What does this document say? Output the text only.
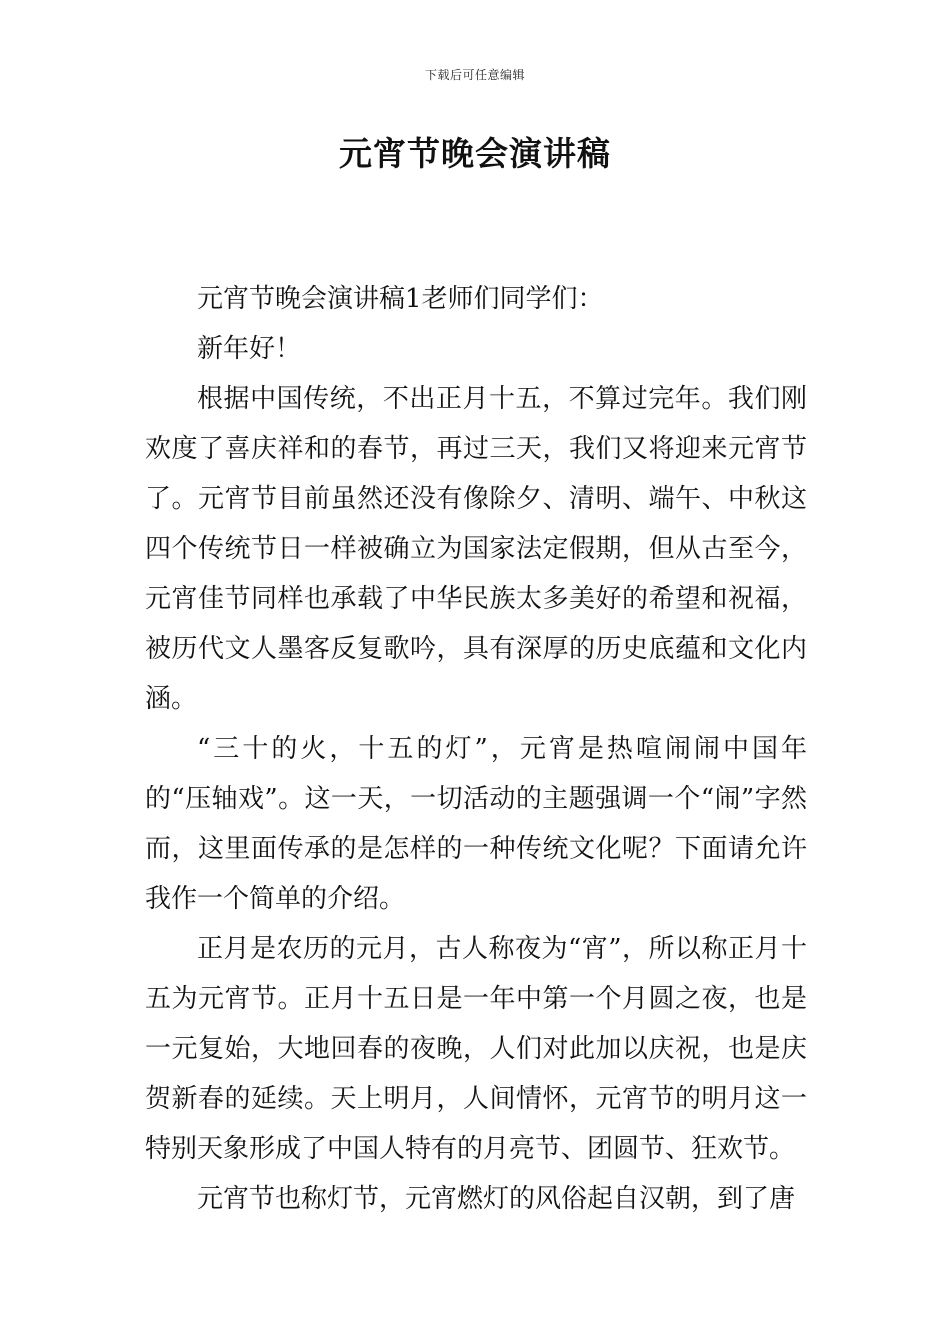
下载后可任意编辑
元宵节晚会演讲稿

元宵节晚会演讲稿1老师们同学们：

新年好！

根据中国传统，不出正月十五，不算过完年。我们刚欢度了喜庆祥和的春节，再过三天，我们又将迎来元宵节了。元宵节目前虽然还没有像除夕、清明、端午、中秋这四个传统节日一样被确立为国家法定假期，但从古至今，元宵佳节同样也承载了中华民族太多美好的希望和祝福，被历代文人墨客反复歌吟，具有深厚的历史底蕴和文化内涵。

“三十的火，十五的灯”，元宵是热喧闹闹中国年的“压轴戏”。这一天，一切活动的主题强调一个“闹”字然而，这里面传承的是怎样的一种传统文化呢？下面请允许我作一个简单的介绍。

正月是农历的元月，古人称夜为“宵”，所以称正月十五为元宵节。正月十五日是一年中第一个月圆之夜，也是一元复始，大地回春的夜晚，人们对此加以庆祝，也是庆贺新春的延续。天上明月，人间情怀，元宵节的明月这一特别天象形成了中国人特有的月亮节、团圆节、狂欢节。

元宵节也称灯节，元宵燃灯的风俗起自汉朝，到了唐
